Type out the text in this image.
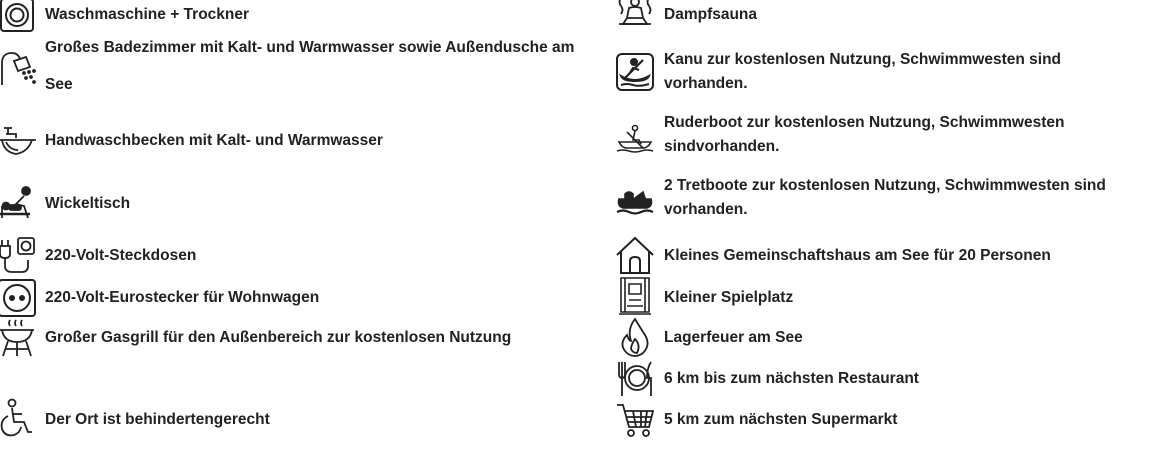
Waschmaschine + Trockner
Großes Badezimmer mit Kalt- und Warmwasser sowie Außendusche am See
Handwaschbecken mit Kalt- und Warmwasser
Wickeltisch
220-Volt-Steckdosen
220-Volt-Eurostecker für Wohnwagen
Großer Gasgrill für den Außenbereich zur kostenlosen Nutzung
Der Ort ist behindertengerecht
Dampfsauna
Kanu zur kostenlosen Nutzung, Schwimmwesten sind vorhanden.
Ruderboot zur kostenlosen Nutzung, Schwimmwesten sindvorhanden.
2 Tretboote zur kostenlosen Nutzung, Schwimmwesten sind vorhanden.
Kleines Gemeinschaftshaus am See für 20 Personen
Kleiner Spielplatz
Lagerfeuer am See
6 km bis zum nächsten Restaurant
5 km zum nächsten Supermarkt
